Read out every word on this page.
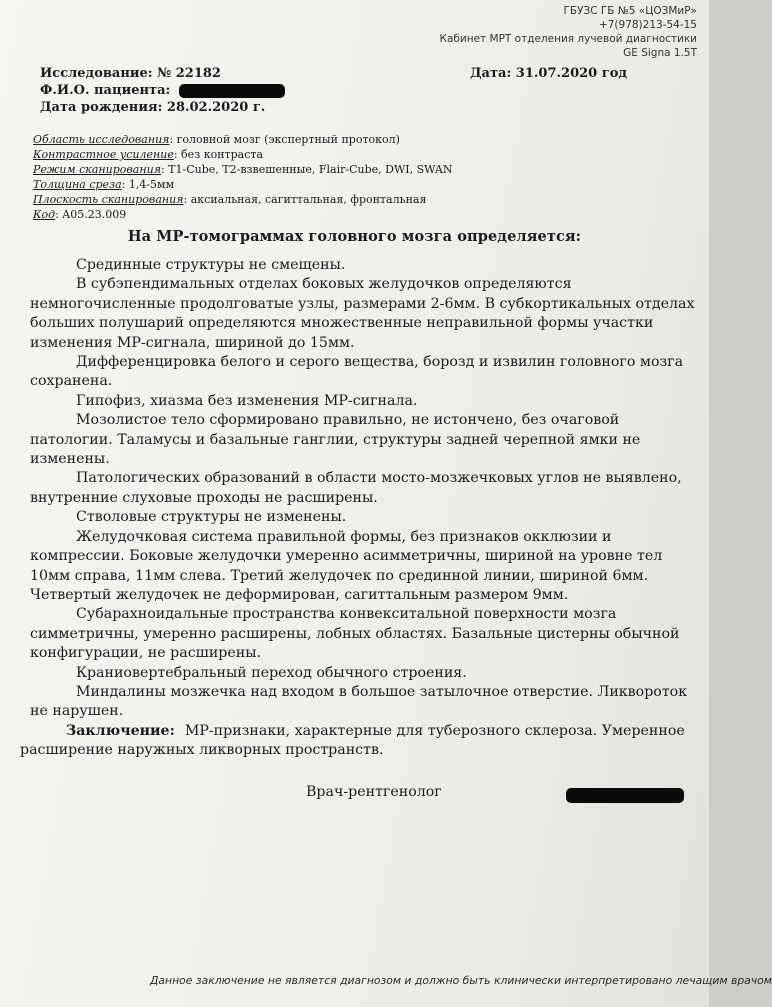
ГБУЗС ГБ №5 «ЦОЗМиР»
+7(978)213-54-15
Кабинет МРТ отделения лучевой диагностики
GE Signa 1.5T
Исследование: № 22182	Дата: 31.07.2020 год
Ф.И.О. пациента:
Дата рождения: 28.02.2020 г.
Область исследования: головной мозг (экспертный протокол)
Контрастное усиление: без контраста
Режим сканирования: T1-Cube, T2-взвешенные, Flair-Cube, DWI, SWAN
Толщина среза: 1,4-5мм
Плоскость сканирования: аксиальная, сагиттальная, фронтальная
Код: A05.23.009
На МР-томограммах головного мозга определяется:

Срединные структуры не смещены.

В субэпендимальных отделах боковых желудочков определяются немногочисленные продолговатые узлы, размерами 2-6мм. В субкортикальных отделах больших полушарий определяются множественные неправильной формы участки изменения МР-сигнала, шириной до 15мм.

Дифференцировка белого и серого вещества, борозд и извилин головного мозга сохранена.

Гипофиз, хиазма без изменения МР-сигнала.

Мозолистое тело сформировано правильно, не истончено, без очаговой патологии. Таламусы и базальные ганглии, структуры задней черепной ямки не изменены.

Патологических образований в области мосто-мозжечковых углов не выявлено, внутренние слуховые проходы не расширены.

Стволовые структуры не изменены.

Желудочковая система правильной формы, без признаков окклюзии и компрессии. Боковые желудочки умеренно асимметричны, шириной на уровне тел 10мм справа, 11мм слева. Третий желудочек по срединной линии, шириной 6мм. Четвертый желудочек не деформирован, сагиттальным размером 9мм.

Субарахноидальные пространства конвекситальной поверхности мозга симметричны, умеренно расширены, лобных областях. Базальные цистерны обычной конфигурации, не расширены.

Краниовертебральный переход обычного строения.

Миндалины мозжечка над входом в большое затылочное отверстие. Ликвороток не нарушен.

Заключение: МР-признаки, характерные для туберозного склероза. Умеренное расширение наружных ликворных пространств.

Врач-рентгенолог
Данное заключение не является диагнозом и должно быть клинически интерпретировано лечащим врачом
